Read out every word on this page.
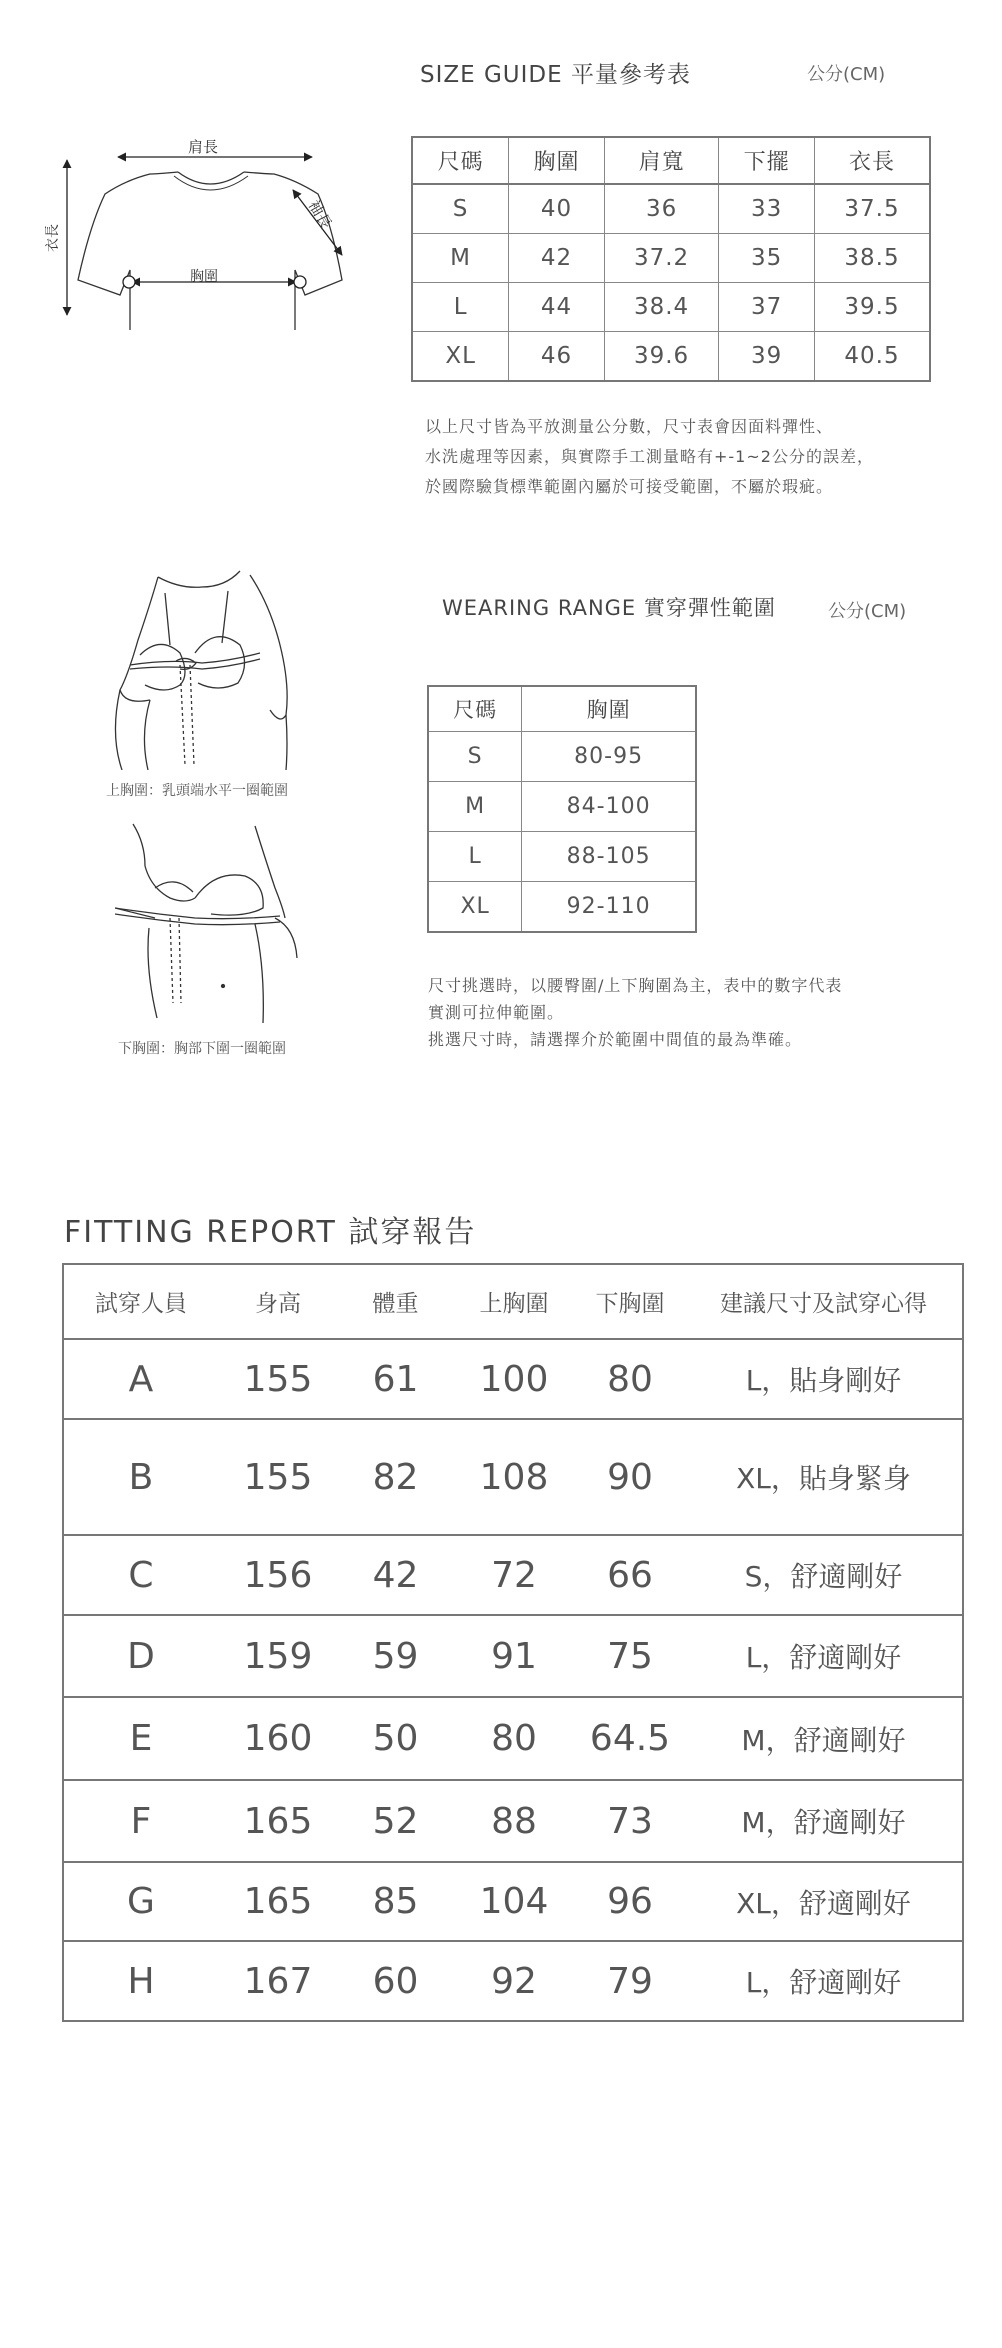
SIZE GUIDE 平量參考表	公分(CM)
肩長
袖長
胸圍
衣長
尺碼	胸圍	肩寬	下擺	衣長
S	40	36	33	37.5
M	42	37.2	35	38.5
L	44	38.4	37	39.5
XL	46	39.6	39	40.5
以上尺寸皆為平放測量公分數，尺寸表會因面料彈性、
水洗處理等因素，與實際手工測量略有+-1~2公分的誤差，
於國際驗貨標準範圍內屬於可接受範圍，不屬於瑕疵。
上胸圍：乳頭端水平一圈範圍
下胸圍：胸部下圍一圈範圍
WEARING RANGE 實穿彈性範圍	公分(CM)
尺碼	胸圍
S	80-95
M	84-100
L	88-105
XL	92-110
尺寸挑選時，以腰臀圍/上下胸圍為主，表中的數字代表
實測可拉伸範圍。
挑選尺寸時，請選擇介於範圍中間值的最為準確。
FITTING REPORT 試穿報告
試穿人員	身高	體重	上胸圍	下胸圍	建議尺寸及試穿心得
A	155	61	100	80	L，貼身剛好
B	155	82	108	90	XL，貼身緊身
C	156	42	72	66	S，舒適剛好
D	159	59	91	75	L，舒適剛好
E	160	50	80	64.5	M，舒適剛好
F	165	52	88	73	M，舒適剛好
G	165	85	104	96	XL，舒適剛好
H	167	60	92	79	L，舒適剛好
